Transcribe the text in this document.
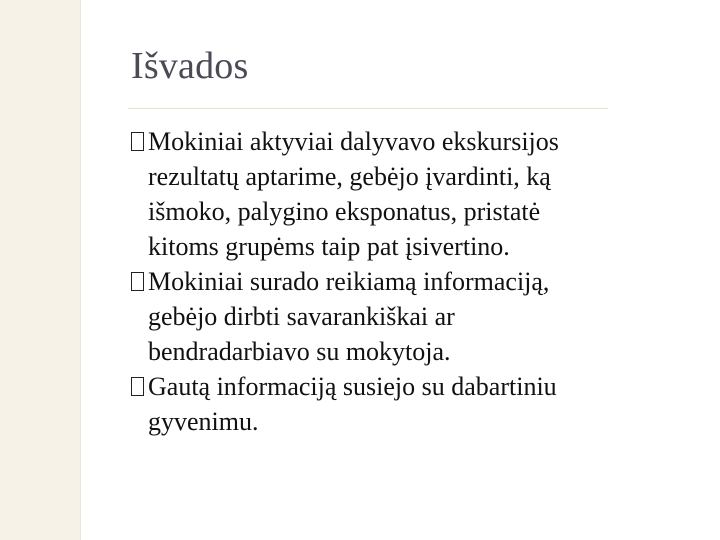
Išvados
Mokiniai aktyviai dalyvavo ekskursijos
rezultatų aptarime, gebėjo įvardinti, ką
išmoko, palygino eksponatus, pristatė
kitoms grupėms taip pat įsivertino.
Mokiniai surado reikiamą informaciją,
gebėjo dirbti savarankiškai ar
bendradarbiavo su mokytoja.
Gautą informaciją susiejo su dabartiniu
gyvenimu.
